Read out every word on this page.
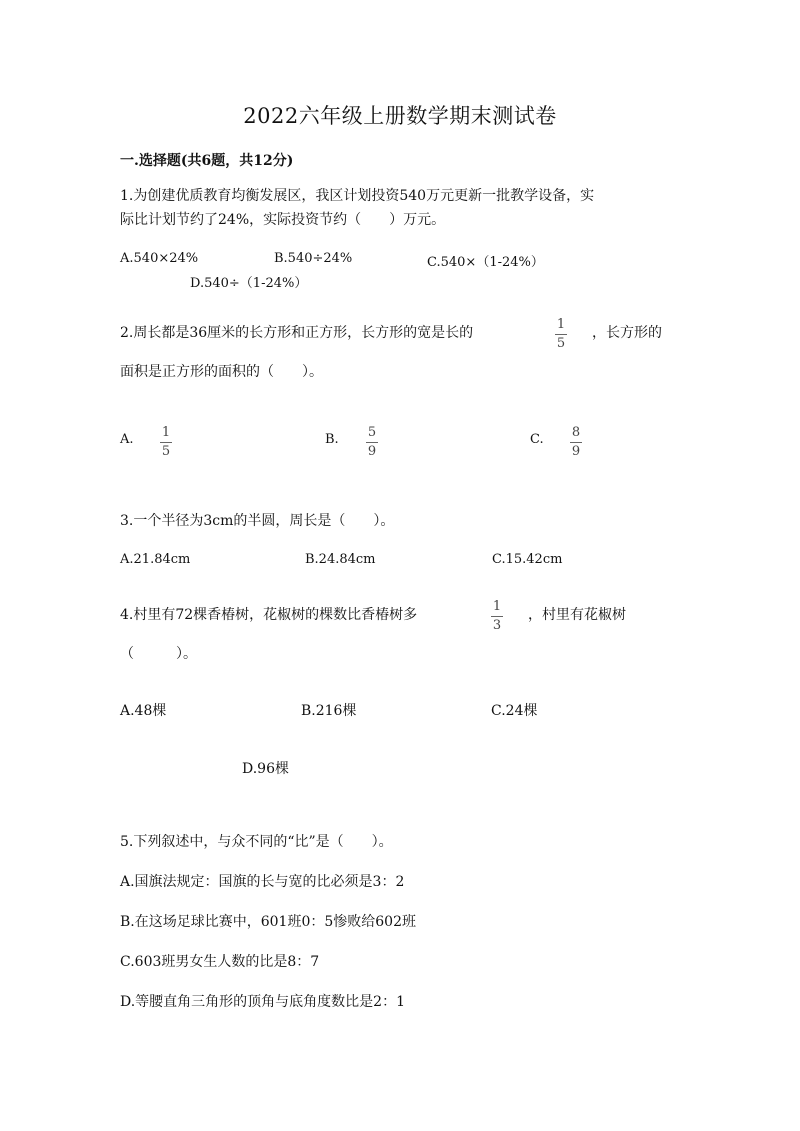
2022六年级上册数学期末测试卷
一.选择题(共6题，共12分)
1.为创建优质教育均衡发展区，我区计划投资540万元更新一批教学设备，实
际比计划节约了24%，实际投资节约（　　）万元。
A.540×24%	B.540÷24%	C.540×（1-24%）
D.540÷（1-24%）
2.周长都是36厘米的长方形和正方形，长方形的宽是长的
1
5
，长方形的
面积是正方形的面积的（　　）。
A. 1
5
B. 5
9
C. 8
9
3.一个半径为3cm的半圆，周长是（　　）。
A.21.84cm	B.24.84cm	C.15.42cm
4.村里有72棵香椿树，花椒树的棵数比香椿树多
1
3
，村里有花椒树
（　　　）。
A.48棵	B.216棵	C.24棵
D.96棵
5.下列叙述中，与众不同的“比”是（　　）。
A.国旗法规定：国旗的长与宽的比必须是3：2
B.在这场足球比赛中，601班0：5惨败给602班
C.603班男女生人数的比是8：7
D.等腰直角三角形的顶角与底角度数比是2：1
